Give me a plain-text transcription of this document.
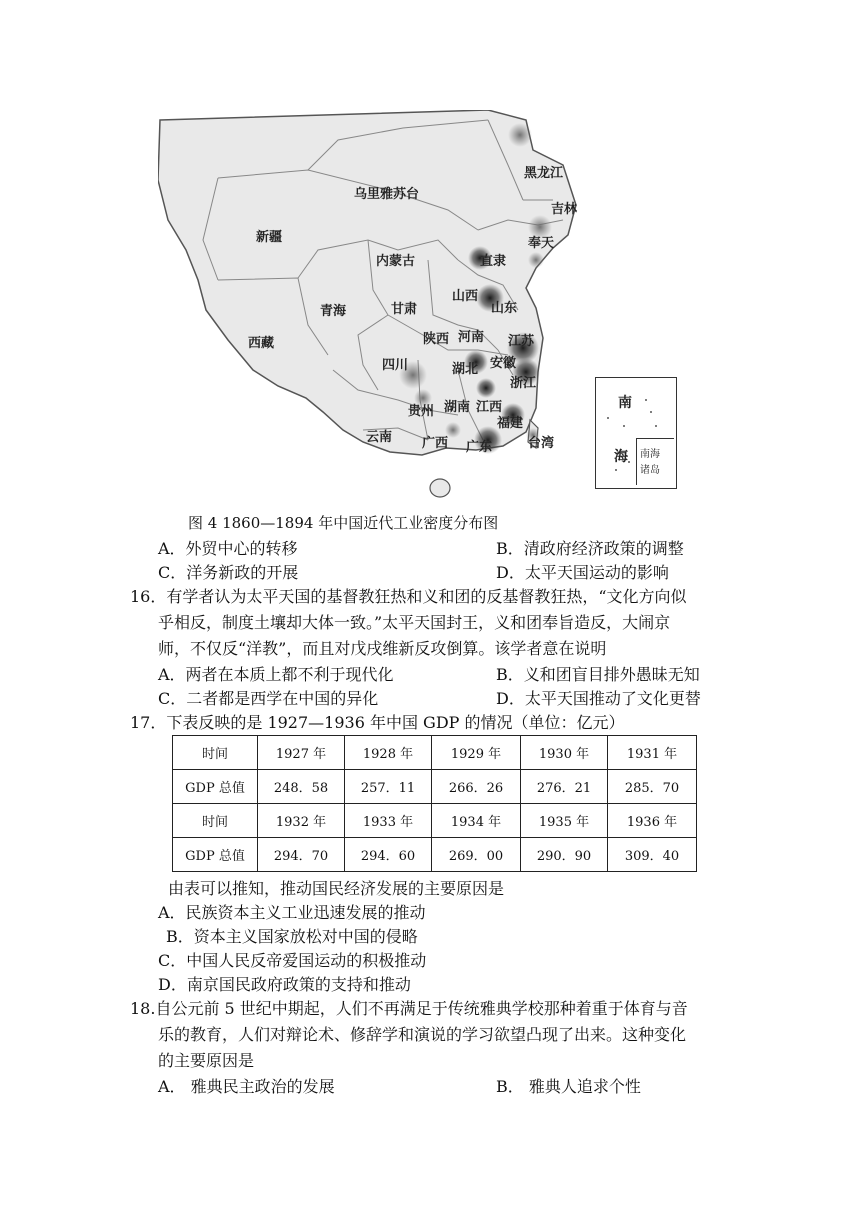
黑龙江
乌里雅苏台
吉林
新疆	奉天
内蒙古	直隶
山西
青海	甘肃	山东
陕西 河南 江苏
西藏
四川	湖北 安徽
浙江
贵州 湖南 江西
福建
云南 广西 广东	台湾
南
海 南海
诸岛
图 4 1860—1894 年中国近代工业密度分布图
A．外贸中心的转移	B．清政府经济政策的调整
C．洋务新政的开展	D．太平天国运动的影响
16．有学者认为太平天国的基督教狂热和义和团的反基督教狂热，“文化方向似
乎相反，制度土壤却大体一致。”太平天国封王，义和团奉旨造反，大闹京
师，不仅反“洋教”，而且对戊戌维新反攻倒算。该学者意在说明
A．两者在本质上都不利于现代化	B．义和团盲目排外愚昧无知
C．二者都是西学在中国的异化	D．太平天国推动了文化更替
17．下表反映的是 1927—1936 年中国 GDP 的情况（单位：亿元）
时间	1927 年	1928 年	1929 年	1930 年	1931 年
GDP 总值	248．58	257．11	266．26	276．21	285．70
时间	1932 年	1933 年	1934 年	1935 年	1936 年
GDP 总值	294．70	294．60	269．00	290．90	309．40
由表可以推知，推动国民经济发展的主要原因是
A．民族资本主义工业迅速发展的推动
B．资本主义国家放松对中国的侵略
C．中国人民反帝爱国运动的积极推动
D．南京国民政府政策的支持和推动
18.自公元前 5 世纪中期起，人们不再满足于传统雅典学校那种着重于体育与音
乐的教育，人们对辩论术、修辞学和演说的学习欲望凸现了出来。这种变化
的主要原因是
A． 雅典民主政治的发展	B． 雅典人追求个性
